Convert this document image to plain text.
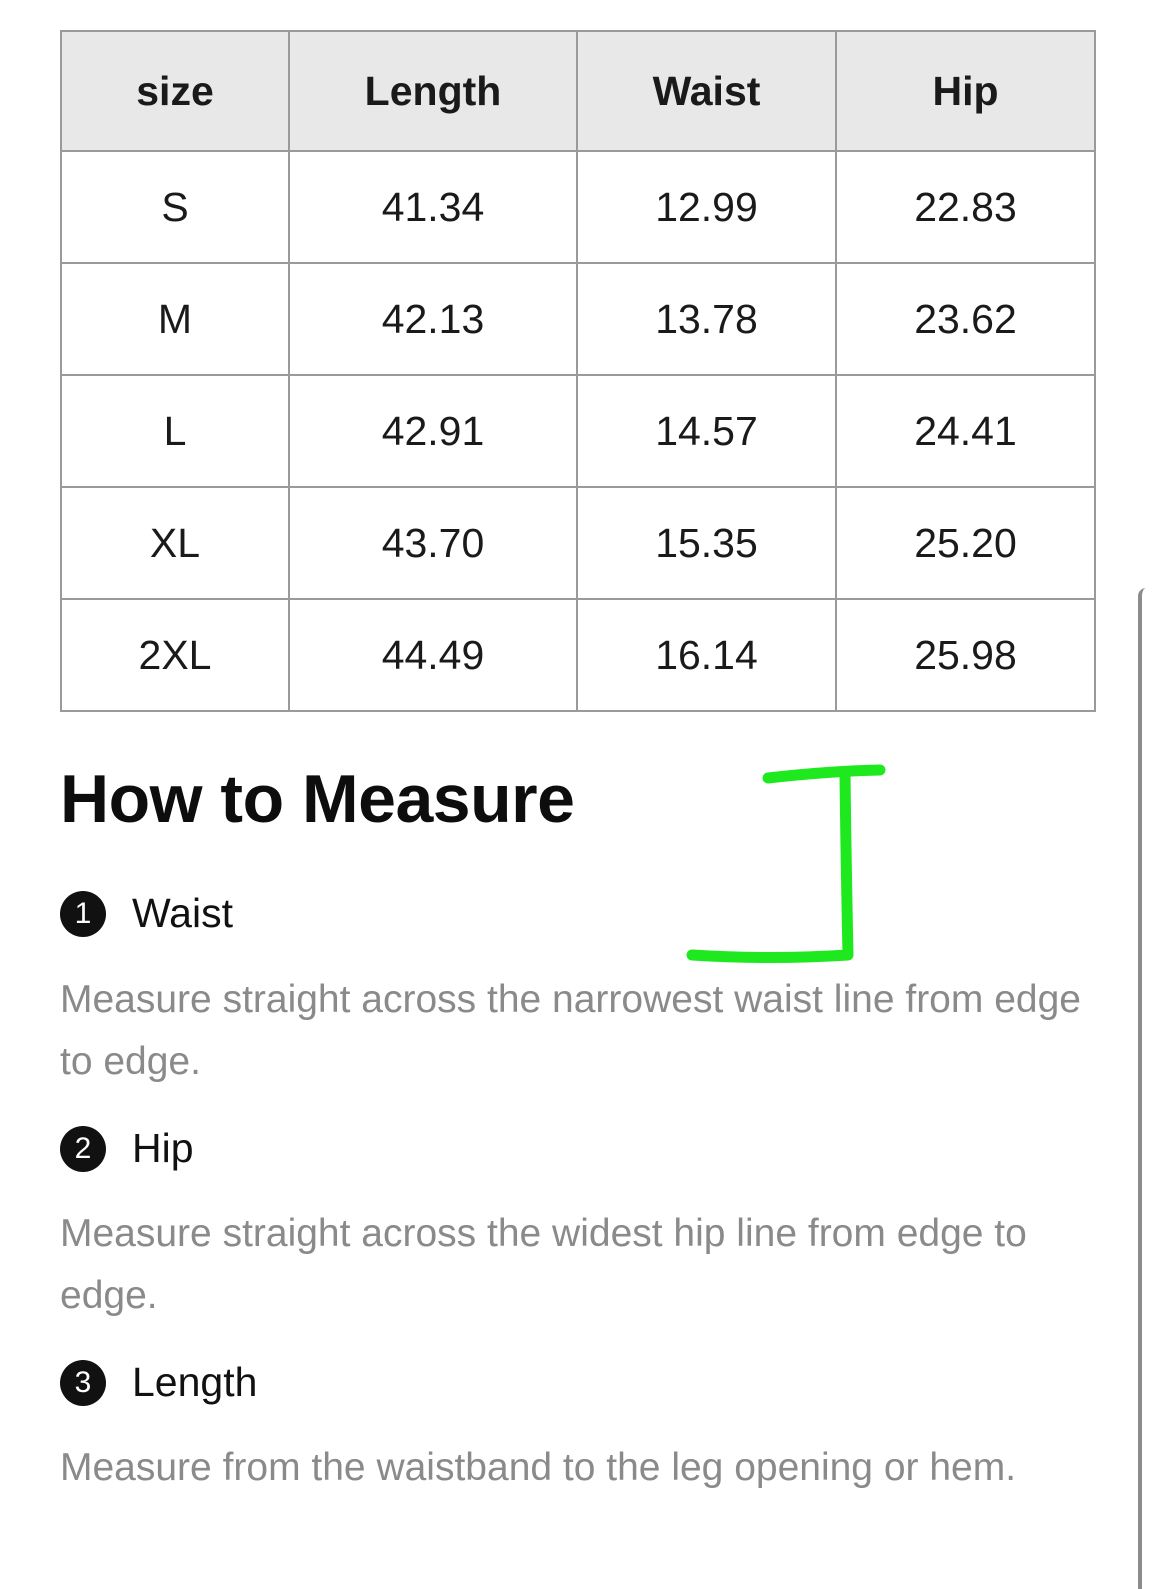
size	Length	Waist	Hip
S	41.34	12.99	22.83
M	42.13	13.78	23.62
L	42.91	14.57	24.41
XL	43.70	15.35	25.20
2XL	44.49	16.14	25.98
How to Measure
1 Waist

Measure straight across the narrowest waist line from edge to edge.

2 Hip

Measure straight across the widest hip line from edge to edge.

3 Length

Measure from the waistband to the leg opening or hem.
